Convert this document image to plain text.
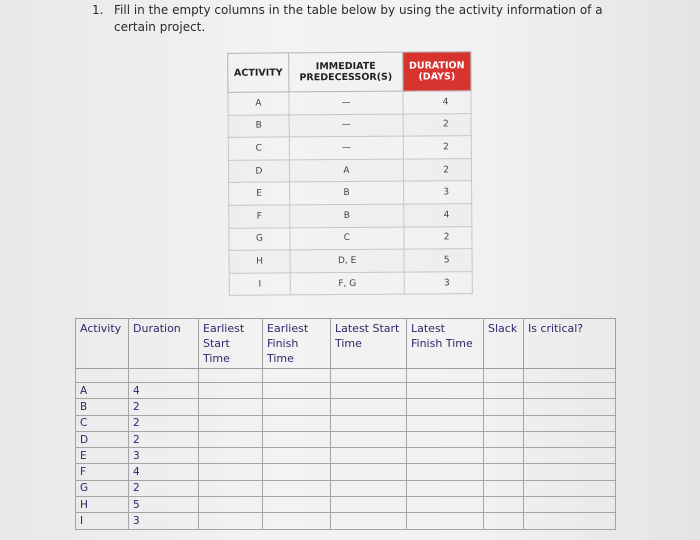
1. Fill in the empty columns in the table below by using the activity information of a certain project.
ACTIVITY	IMMEDIATE PREDECESSOR(S)	DURATION (DAYS)
A	—	4
B	—	2
C	—	2
D	A	2
E	B	3
F	B	4
G	C	2
H	D, E	5
I	F, G	3
Activity	Duration	Earliest Start Time	Earliest Finish Time	Latest Start Time	Latest Finish Time	Slack	Is critical?

A	4						
B	2						
C	2						
D	2						
E	3						
F	4						
G	2						
H	5						
I	3						
